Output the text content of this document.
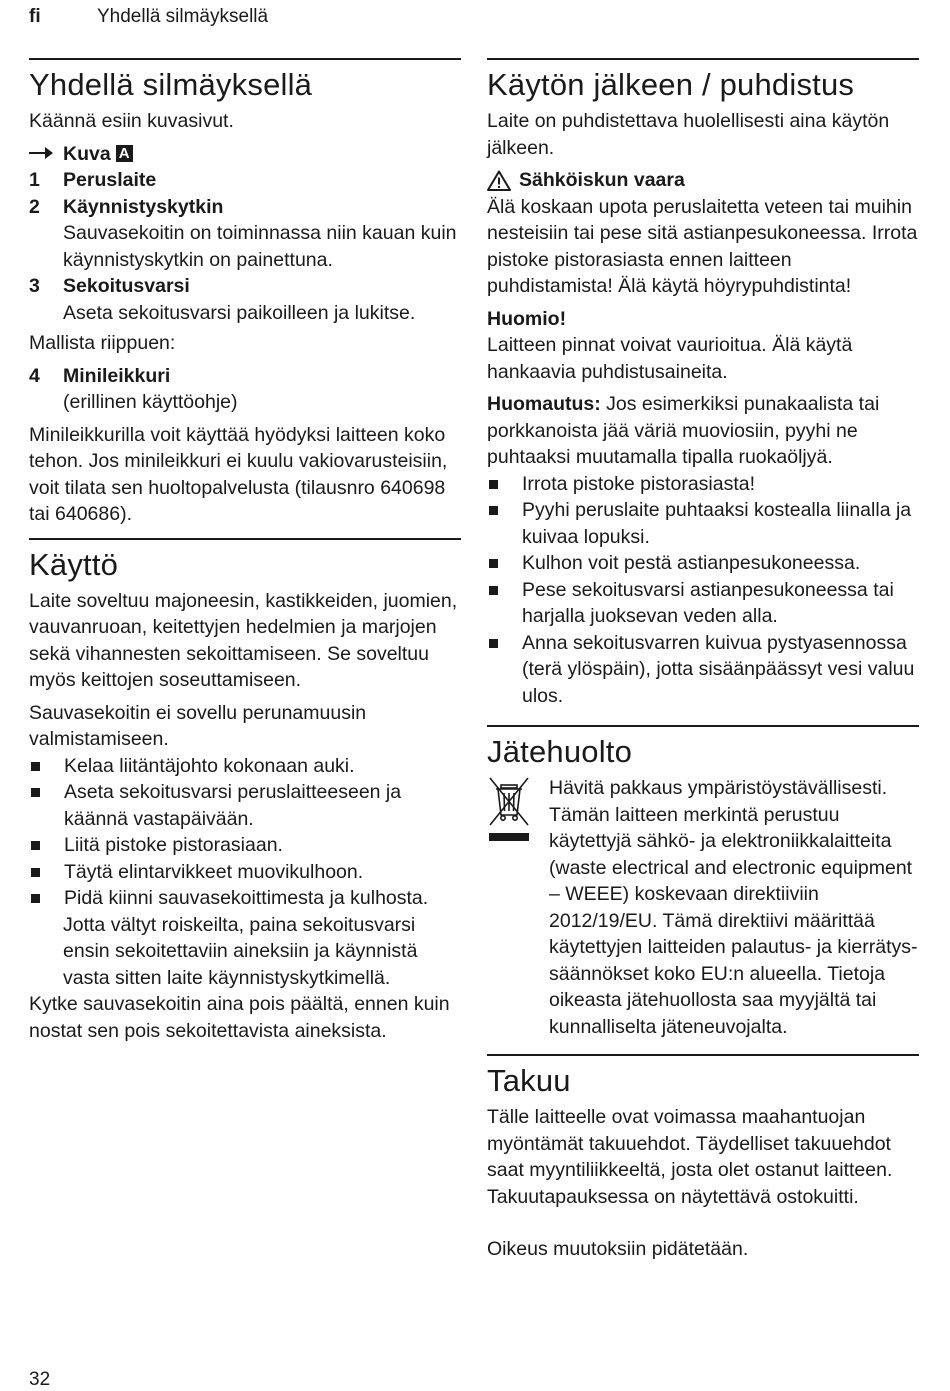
fi	Yhdellä silmäyksellä
Yhdellä silmäyksellä

Käännä esiin kuvasivut.

Kuva A
1	Peruslaite
2	Käynnistyskytkin
Sauvasekoitin on toiminnassa niin kauan kuin käynnistyskytkin on painettuna.
3	Sekoitusvarsi
Aseta sekoitusvarsi paikoilleen ja lukitse.

Mallista riippuen:

4	Minileikkuri
(erillinen käyttöohje)

Minileikkurilla voit käyttää hyödyksi laitteen koko tehon. Jos minileikkuri ei kuulu vakiovarusteisiin, voit tilata sen huoltopalvelusta (tilausnro 640698 tai 640686).

Käyttö

Laite soveltuu majoneesin, kastikkeiden, juomien, vauvanruoan, keitettyjen hedelmien ja marjojen sekä vihannesten sekoittamiseen. Se soveltuu myös keittojen soseuttamiseen.

Sauvasekoitin ei sovellu perunamuusin valmistamiseen.

Kelaa liitäntäjohto kokonaan auki.
Aseta sekoitusvarsi peruslaitteeseen ja käännä vastapäivään.
Liitä pistoke pistorasiaan.
Täytä elintarvikkeet muovikulhoon.
Pidä kiinni sauvasekoittimesta ja kulhosta.
Jotta vältyt roiskeilta, paina sekoitusvarsi ensin sekoitettaviin aineksiin ja käynnistä vasta sitten laite käynnistyskytkimellä.

Kytke sauvasekoitin aina pois päältä, ennen kuin nostat sen pois sekoitettavista aineksista.

Käytön jälkeen / puhdistus

Laite on puhdistettava huolellisesti aina käytön jälkeen.

Sähköiskun vaara

Älä koskaan upota peruslaitetta veteen tai muihin nesteisiin tai pese sitä astianpesukoneessa. Irrota pistoke pistorasiasta ennen laitteen puhdistamista! Älä käytä höyrypuhdistinta!

Huomio!

Laitteen pinnat voivat vaurioitua. Älä käytä hankaavia puhdistusaineita.

Huomautus: Jos esimerkiksi punakaalista tai porkkanoista jää väriä muoviosiin, pyyhi ne puhtaaksi muutamalla tipalla ruokaöljyä.

Irrota pistoke pistorasiasta!
Pyyhi peruslaite puhtaaksi kostealla liinalla ja kuivaa lopuksi.
Kulhon voit pestä astianpesukoneessa.
Pese sekoitusvarsi astianpesukoneessa tai harjalla juoksevan veden alla.
Anna sekoitusvarren kuivua pystyasennossa (terä ylöspäin), jotta sisäänpäässyt vesi valuu ulos.
Jätehuolto
Hävitä pakkaus ympäristöystävällisesti. Tämän laitteen merkintä perustuu käytettyjä sähkö- ja elektroniikkalaitteita (waste electrical and electronic equipment – WEEE) koskevaan direktiiviin 2012/19/EU. Tämä direktiivi määrittää käytettyjen laitteiden palautus- ja kierrätys-säännökset koko EU:n alueella. Tietoja oikeasta jätehuollosta saa myyjältä tai kunnalliselta jäteneuvojalta.
Takuu

Tälle laitteelle ovat voimassa maahantuojan myöntämät takuuehdot. Täydelliset takuuehdot saat myyntiliikkeeltä, josta olet ostanut laitteen. Takuutapauksessa on näytettävä ostokuitti.

Oikeus muutoksiin pidätetään.

32
